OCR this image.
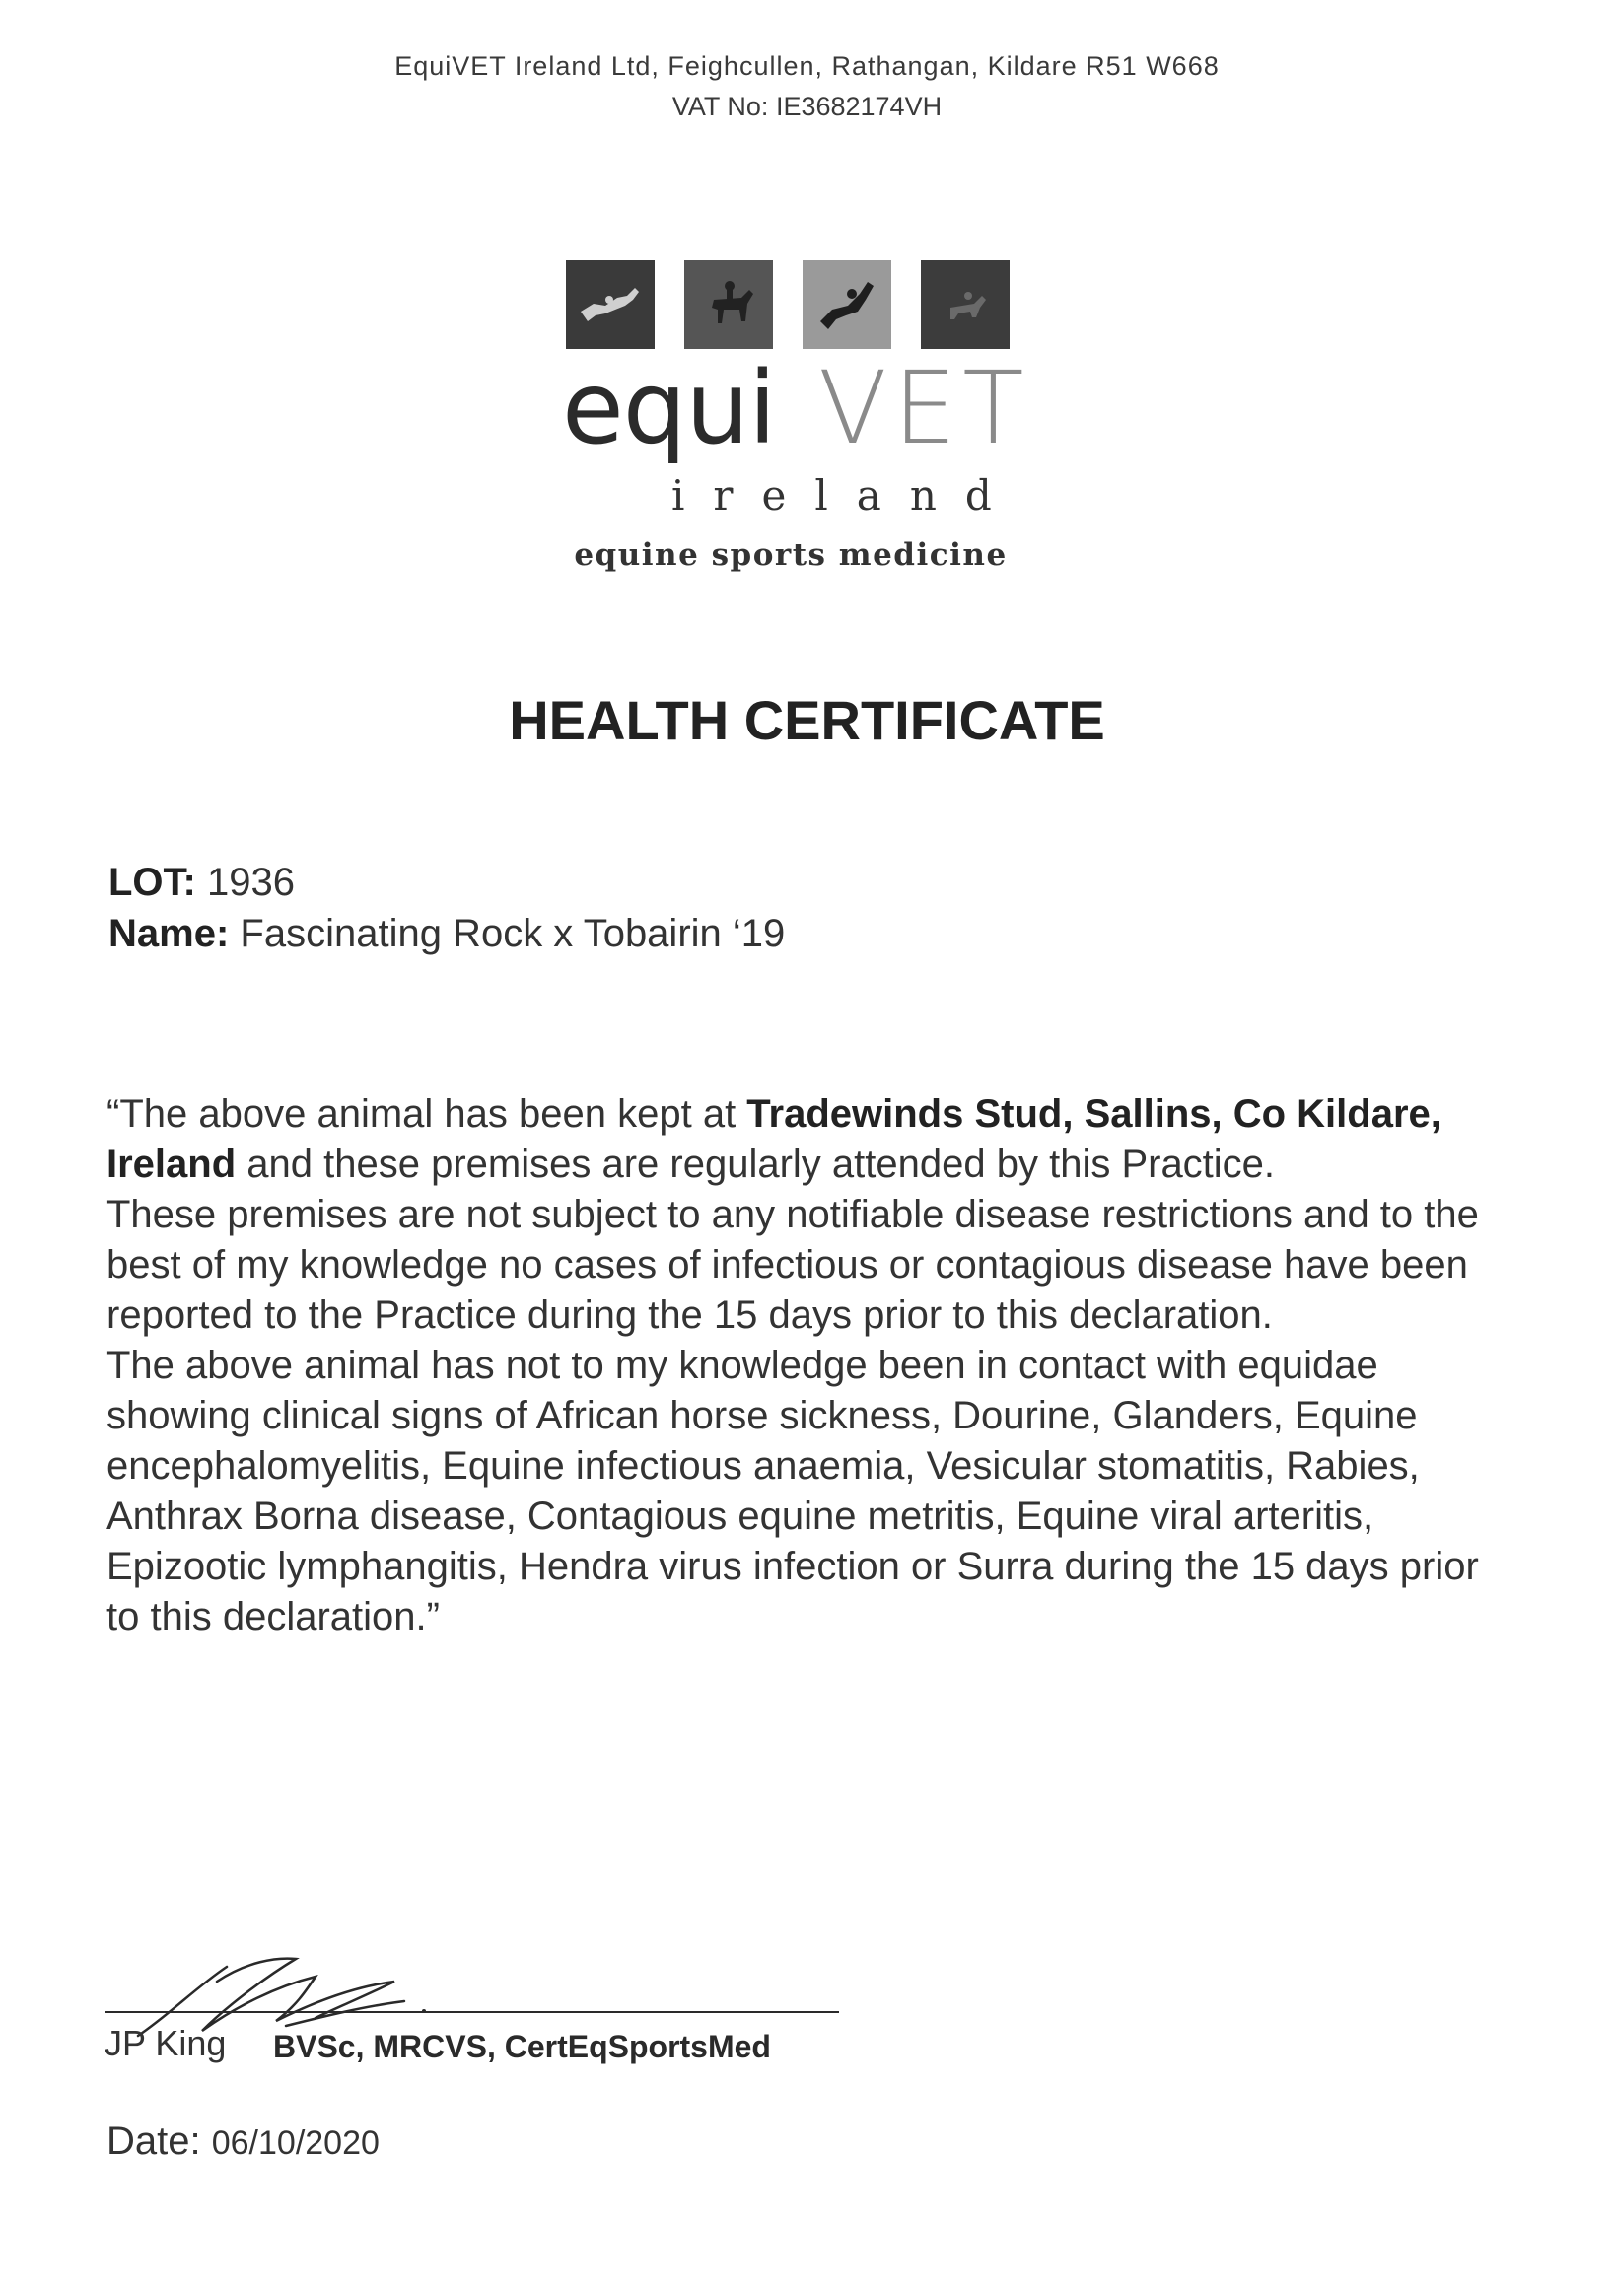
EquiVET Ireland Ltd, Feighcullen, Rathangan, Kildare R51 W668
VAT No: IE3682174VH
equi VET
ireland
equine sports medicine
HEALTH CERTIFICATE
LOT: 1936
Name: Fascinating Rock x Tobairin ‘19

“The above animal has been kept at Tradewinds Stud, Sallins, Co Kildare, Ireland and these premises are regularly attended by this Practice.

These premises are not subject to any notifiable disease restrictions and to the best of my knowledge no cases of infectious or contagious disease have been reported to the Practice during the 15 days prior to this declaration.

The above animal has not to my knowledge been in contact with equidae showing clinical signs of African horse sickness, Dourine, Glanders, Equine encephalomyelitis, Equine infectious anaemia, Vesicular stomatitis, Rabies, Anthrax Borna disease, Contagious equine metritis, Equine viral arteritis, Epizootic lymphangitis, Hendra virus infection or Surra during the 15 days prior to this declaration.”

JP King BVSc, MRCVS, CertEqSportsMed
Date: 06/10/2020
